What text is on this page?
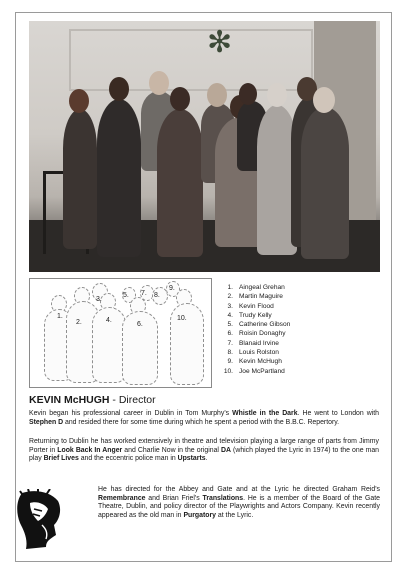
✻
1.
2.
3.
4.
5.
6.
7. 8.
9.
10.
1. Aingeal Grehan
2. Martin Maguire
3. Kevin Flood
4. Trudy Kelly
5. Catherine Gibson
6. Roisin Donaghy
7. Blanaid Irvine
8. Louis Rolston
9. Kevin McHugh
10. Joe McPartland
KEVIN McHUGH - Director

Kevin began his professional career in Dublin in Tom Murphy's Whistle in the Dark. He went to London with Stephen D and resided there for some time during which he spent a period with the B.B.C. Repertory.

Returning to Dublin he has worked extensively in theatre and television playing a large range of parts from Jimmy Porter in Look Back In Anger and Charlie Now in the original DA (which played the Lyric in 1974) to the one man play Brief Lives and the eccentric police man in Upstarts.

He has directed for the Abbey and Gate and at the Lyric he directed Graham Reid's Remembrance and Brian Friel's Translations. He is a member of the Board of the Gate Theatre, Dublin, and policy director of the Playwrights and Actors Company. Kevin recently appeared as the old man in Purgatory at the Lyric.
